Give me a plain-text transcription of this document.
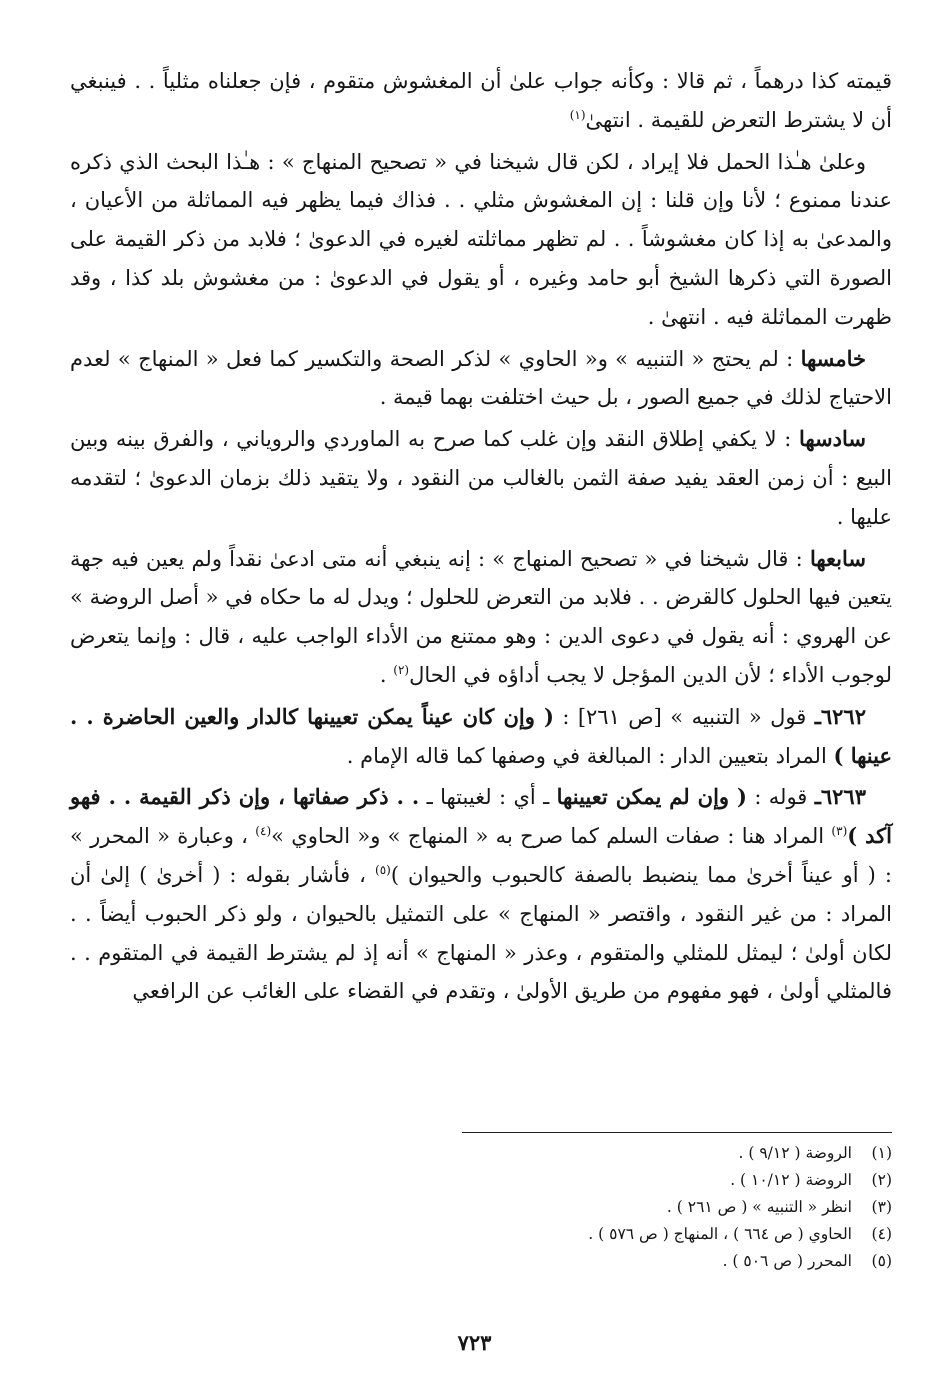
قيمته كذا درهماً ، ثم قالا : وكأنه جواب علىٰ أن المغشوش متقوم ، فإن جعلناه مثلياً . . فينبغي أن لا يشترط التعرض للقيمة . انتهىٰ$^{(١)}$

وعلىٰ هـٰذا الحمل فلا إيراد ، لكن قال شيخنا في « تصحيح المنهاج » : هـٰذا البحث الذي ذكره عندنا ممنوع ؛ لأنا وإن قلنا : إن المغشوش مثلي . . فذاك فيما يظهر فيه المماثلة من الأعيان ، والمدعىٰ به إذا كان مغشوشاً . . لم تظهر مماثلته لغيره في الدعوىٰ ؛ فلابد من ذكر القيمة على الصورة التي ذكرها الشيخ أبو حامد وغيره ، أو يقول في الدعوىٰ : من مغشوش بلد كذا ، وقد ظهرت المماثلة فيه . انتهىٰ .

خامسها : لم يحتج « التنبيه » و« الحاوي » لذكر الصحة والتكسير كما فعل « المنهاج » لعدم الاحتياج لذلك في جميع الصور ، بل حيث اختلفت بهما قيمة .

سادسها : لا يكفي إطلاق النقد وإن غلب كما صرح به الماوردي والروياني ، والفرق بينه وبين البيع : أن زمن العقد يفيد صفة الثمن بالغالب من النقود ، ولا يتقيد ذلك بزمان الدعوىٰ ؛ لتقدمه عليها .

سابعها : قال شيخنا في « تصحيح المنهاج » : إنه ينبغي أنه متى ادعىٰ نقداً ولم يعين فيه جهة يتعين فيها الحلول كالقرض . . فلابد من التعرض للحلول ؛ ويدل له ما حكاه في « أصل الروضة » عن الهروي : أنه يقول في دعوى الدين : وهو ممتنع من الأداء الواجب عليه ، قال : وإنما يتعرض لوجوب الأداء ؛ لأن الدين المؤجل لا يجب أداؤه في الحال$^{(٢)}$ .

٦٢٦٢ـ قول « التنبيه » [ص ٢٦١] : ( وإن كان عيناً يمكن تعيينها كالدار والعين الحاضرة . . عينها ) المراد بتعيين الدار : المبالغة في وصفها كما قاله الإمام .

٦٢٦٣ـ قوله : ( وإن لم يمكن تعيينها ـ أي : لغيبتها ـ . . ذكر صفاتها ، وإن ذكر القيمة . . فهو آكد )$^{(٣)}$ المراد هنا : صفات السلم كما صرح به « المنهاج » و« الحاوي »$^{(٤)}$ ، وعبارة « المحرر » : ( أو عيناً أخرىٰ مما ينضبط بالصفة كالحبوب والحيوان )$^{(٥)}$ ، فأشار بقوله : ( أخرىٰ ) إلىٰ أن المراد : من غير النقود ، واقتصر « المنهاج » على التمثيل بالحيوان ، ولو ذكر الحبوب أيضاً . . لكان أولىٰ ؛ ليمثل للمثلي والمتقوم ، وعذر « المنهاج » أنه إذ لم يشترط القيمة في المتقوم . . فالمثلي أولىٰ ، فهو مفهوم من طريق الأولىٰ ، وتقدم في القضاء على الغائب عن الرافعي

(١)
الروضة ( ٩/١٢ ) .
(٢)
الروضة ( ١٠/١٢ ) .
(٣)
انظر « التنبيه » ( ص ٢٦١ ) .
(٤)
الحاوي ( ص ٦٦٤ ) ، المنهاج ( ص ٥٧٦ ) .
(٥)
المحرر ( ص ٥٠٦ ) .
٧٢٣
